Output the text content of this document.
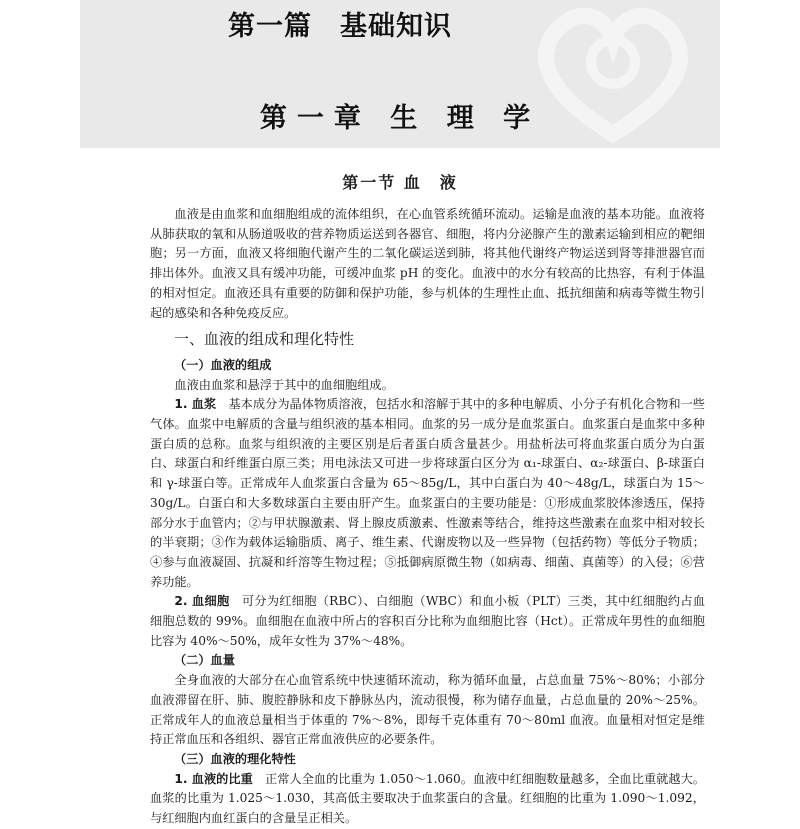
第一篇　基础知识
第一章 生 理 学
第一节 血　液

血液是由血浆和血细胞组成的流体组织，在心血管系统循环流动。运输是血液的基本功能。血液将从肺获取的氧和从肠道吸收的营养物质运送到各器官、细胞，将内分泌腺产生的激素运输到相应的靶细胞；另一方面，血液又将细胞代谢产生的二氧化碳运送到肺，将其他代谢终产物运送到肾等排泄器官而排出体外。血液又具有缓冲功能，可缓冲血浆 pH 的变化。血液中的水分有较高的比热容，有利于体温的相对恒定。血液还具有重要的防御和保护功能，参与机体的生理性止血、抵抗细菌和病毒等微生物引起的感染和各种免疫反应。

一、血液的组成和理化特性
（一）血液的组成

血液由血浆和悬浮于其中的血细胞组成。

1. 血浆　基本成分为晶体物质溶液，包括水和溶解于其中的多种电解质、小分子有机化合物和一些气体。血浆中电解质的含量与组织液的基本相同。血浆的另一成分是血浆蛋白。血浆蛋白是血浆中多种蛋白质的总称。血浆与组织液的主要区别是后者蛋白质含量甚少。用盐析法可将血浆蛋白质分为白蛋白、球蛋白和纤维蛋白原三类；用电泳法又可进一步将球蛋白区分为 α₁-球蛋白、α₂-球蛋白、β-球蛋白和 γ-球蛋白等。正常成年人血浆蛋白含量为 65～85g/L，其中白蛋白为 40～48g/L，球蛋白为 15～30g/L。白蛋白和大多数球蛋白主要由肝产生。血浆蛋白的主要功能是：①形成血浆胶体渗透压，保持部分水于血管内；②与甲状腺激素、肾上腺皮质激素、性激素等结合，维持这些激素在血浆中相对较长的半衰期；③作为载体运输脂质、离子、维生素、代谢废物以及一些异物（包括药物）等低分子物质；④参与血液凝固、抗凝和纤溶等生物过程；⑤抵御病原微生物（如病毒、细菌、真菌等）的入侵；⑥营养功能。

2. 血细胞　可分为红细胞（RBC）、白细胞（WBC）和血小板（PLT）三类，其中红细胞约占血细胞总数的 99%。血细胞在血液中所占的容积百分比称为血细胞比容（Hct）。正常成年男性的血细胞比容为 40%～50%，成年女性为 37%～48%。

（二）血量

全身血液的大部分在心血管系统中快速循环流动，称为循环血量，占总血量 75%～80%；小部分血液滞留在肝、肺、腹腔静脉和皮下静脉丛内，流动很慢，称为储存血量，占总血量的 20%～25%。正常成年人的血液总量相当于体重的 7%～8%，即每千克体重有 70～80ml 血液。血量相对恒定是维持正常血压和各组织、器官正常血液供应的必要条件。

（三）血液的理化特性

1. 血液的比重　正常人全血的比重为 1.050～1.060。血液中红细胞数量越多，全血比重就越大。血浆的比重为 1.025～1.030，其高低主要取决于血浆蛋白的含量。红细胞的比重为 1.090～1.092，与红细胞内血红蛋白的含量呈正相关。
